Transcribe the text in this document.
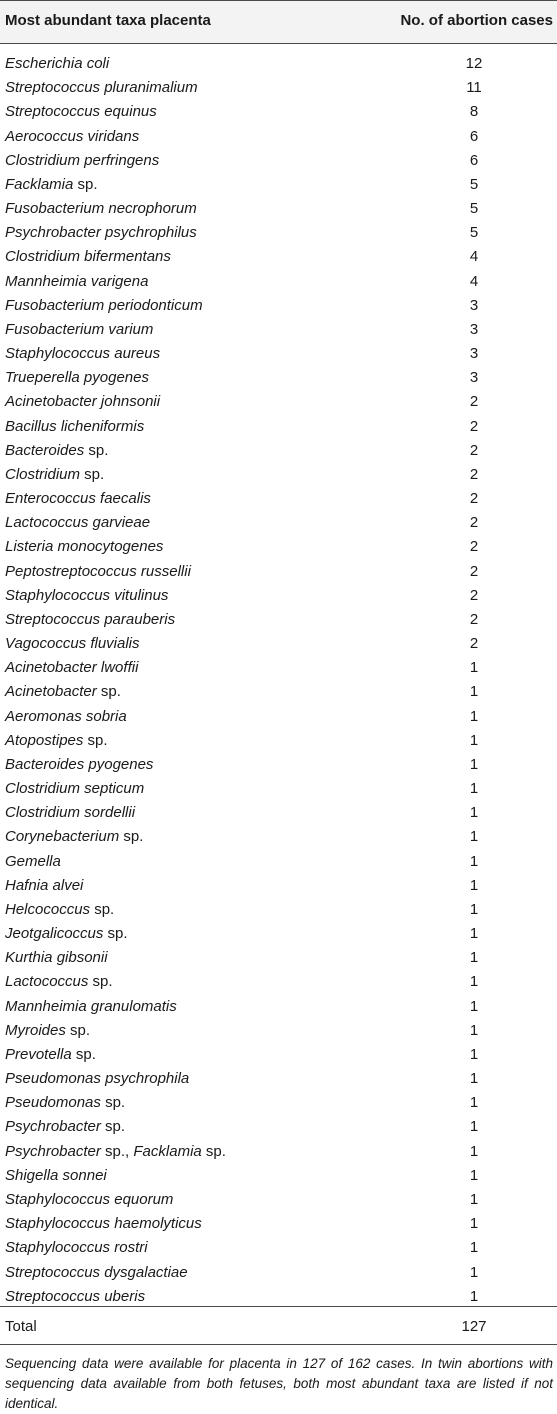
Most abundant taxa placenta	No. of abortion cases
Escherichia coli	12
Streptococcus pluranimalium	11
Streptococcus equinus	8
Aerococcus viridans	6
Clostridium perfringens	6
Facklamia sp.	5
Fusobacterium necrophorum	5
Psychrobacter psychrophilus	5
Clostridium bifermentans	4
Mannheimia varigena	4
Fusobacterium periodonticum	3
Fusobacterium varium	3
Staphylococcus aureus	3
Trueperella pyogenes	3
Acinetobacter johnsonii	2
Bacillus licheniformis	2
Bacteroides sp.	2
Clostridium sp.	2
Enterococcus faecalis	2
Lactococcus garvieae	2
Listeria monocytogenes	2
Peptostreptococcus russellii	2
Staphylococcus vitulinus	2
Streptococcus parauberis	2
Vagococcus fluvialis	2
Acinetobacter lwoffii	1
Acinetobacter sp.	1
Aeromonas sobria	1
Atopostipes sp.	1
Bacteroides pyogenes	1
Clostridium septicum	1
Clostridium sordellii	1
Corynebacterium sp.	1
Gemella	1
Hafnia alvei	1
Helcococcus sp.	1
Jeotgalicoccus sp.	1
Kurthia gibsonii	1
Lactococcus sp.	1
Mannheimia granulomatis	1
Myroides sp.	1
Prevotella sp.	1
Pseudomonas psychrophila	1
Pseudomonas sp.	1
Psychrobacter sp.	1
Psychrobacter sp., Facklamia sp.	1
Shigella sonnei	1
Staphylococcus equorum	1
Staphylococcus haemolyticus	1
Staphylococcus rostri	1
Streptococcus dysgalactiae	1
Streptococcus uberis	1
Total	127
Sequencing data were available for placenta in 127 of 162 cases. In twin abortions with sequencing data available from both fetuses, both most abundant taxa are listed if not identical.
